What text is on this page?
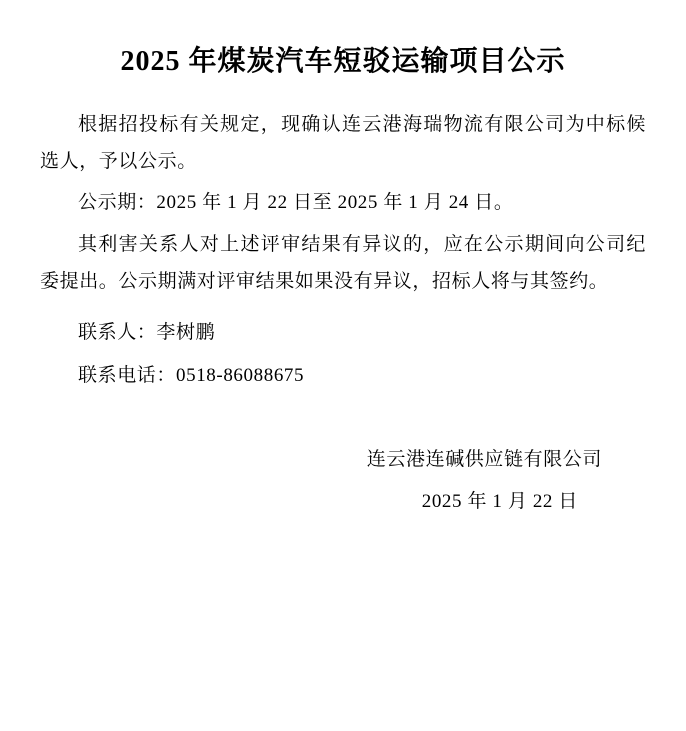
2025 年煤炭汽车短驳运输项目公示

根据招投标有关规定，现确认连云港海瑞物流有限公司为中标候选人，予以公示。

公示期：2025 年 1 月 22 日至 2025 年 1 月 24 日。

其利害关系人对上述评审结果有异议的，应在公示期间向公司纪委提出。公示期满对评审结果如果没有异议，招标人将与其签约。

联系人：李树鹏

联系电话：0518-86088675

连云港连碱供应链有限公司

2025 年 1 月 22 日
